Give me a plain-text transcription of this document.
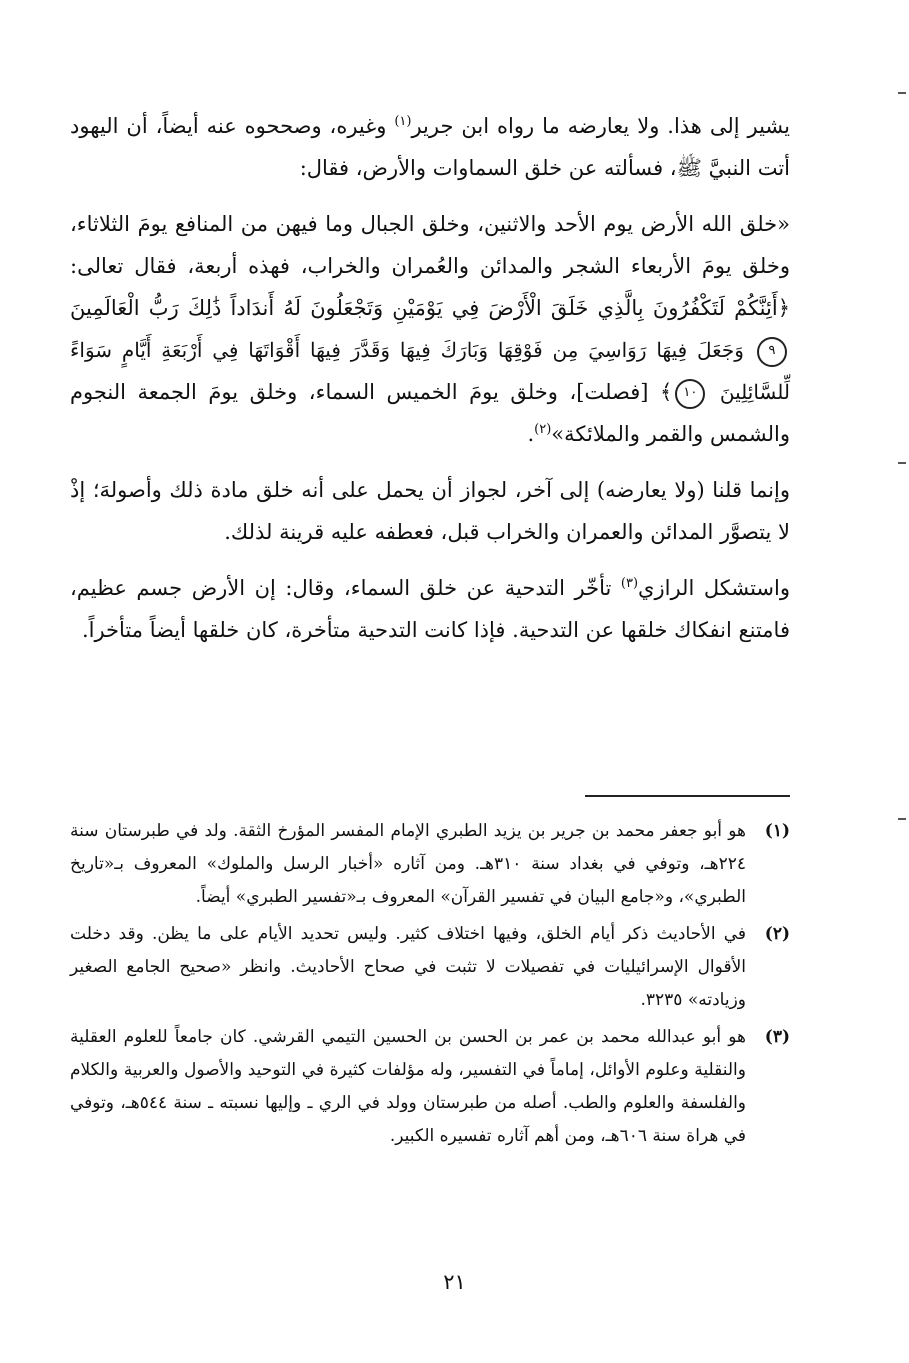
يشير إلى هذا. ولا يعارضه ما رواه ابن جرير$^{(١)}$ وغيره، وصححوه عنه أيضاً، أن اليهود أتت النبيَّ ﷺ، فسألته عن خلق السماوات والأرض، فقال:

«خلق الله الأرض يوم الأحد والاثنين، وخلق الجبال وما فيهن من المنافع يومَ الثلاثاء، وخلق يومَ الأربعاء الشجر والمدائن والعُمران والخراب، فهذه أربعة، فقال تعالى: ﴿أَئِنَّكُمْ لَتَكْفُرُونَ بِالَّذِي خَلَقَ الْأَرْضَ فِي يَوْمَيْنِ وَتَجْعَلُونَ لَهُ أَندَاداً ذَٰلِكَ رَبُّ الْعَالَمِينَ ٩ وَجَعَلَ فِيهَا رَوَاسِيَ مِن فَوْقِهَا وَبَارَكَ فِيهَا وَقَدَّرَ فِيهَا أَقْوَاتَهَا فِي أَرْبَعَةِ أَيَّامٍ سَوَاءً لِّلسَّائِلِينَ ١٠﴾ [فصلت]، وخلق يومَ الخميس السماء، وخلق يومَ الجمعة النجوم والشمس والقمر والملائكة»$^{(٢)}$.

وإنما قلنا (ولا يعارضه) إلى آخر، لجواز أن يحمل على أنه خلق مادة ذلك وأصولهَ؛ إذْ لا يتصوَّر المدائن والعمران والخراب قبل، فعطفه عليه قرينة لذلك.

واستشكل الرازي$^{(٣)}$ تأخّر التدحية عن خلق السماء، وقال: إن الأرض جسم عظيم، فامتنع انفكاك خلقها عن التدحية. فإذا كانت التدحية متأخرة، كان خلقها أيضاً متأخراً.

(١)
هو أبو جعفر محمد بن جرير بن يزيد الطبري الإمام المفسر المؤرخ الثقة. ولد في طبرستان سنة ٢٢٤هـ، وتوفي في بغداد سنة ٣١٠هـ. ومن آثاره «أخبار الرسل والملوك» المعروف بـ«تاريخ الطبري»، و«جامع البيان في تفسير القرآن» المعروف بـ«تفسير الطبري» أيضاً.
(٢)
في الأحاديث ذكر أيام الخلق، وفيها اختلاف كثير. وليس تحديد الأيام على ما يظن. وقد دخلت الأقوال الإسرائيليات في تفصيلات لا تثبت في صحاح الأحاديث. وانظر «صحيح الجامع الصغير وزيادته» ٣٢٣٥.
(٣)
هو أبو عبدالله محمد بن عمر بن الحسن بن الحسين التيمي القرشي. كان جامعاً للعلوم العقلية والنقلية وعلوم الأوائل، إماماً في التفسير، وله مؤلفات كثيرة في التوحيد والأصول والعربية والكلام والفلسفة والعلوم والطب. أصله من طبرستان وولد في الري ـ وإليها نسبته ـ سنة ٥٤٤هـ، وتوفي في هراة سنة ٦٠٦هـ، ومن أهم آثاره تفسيره الكبير.
٢١
